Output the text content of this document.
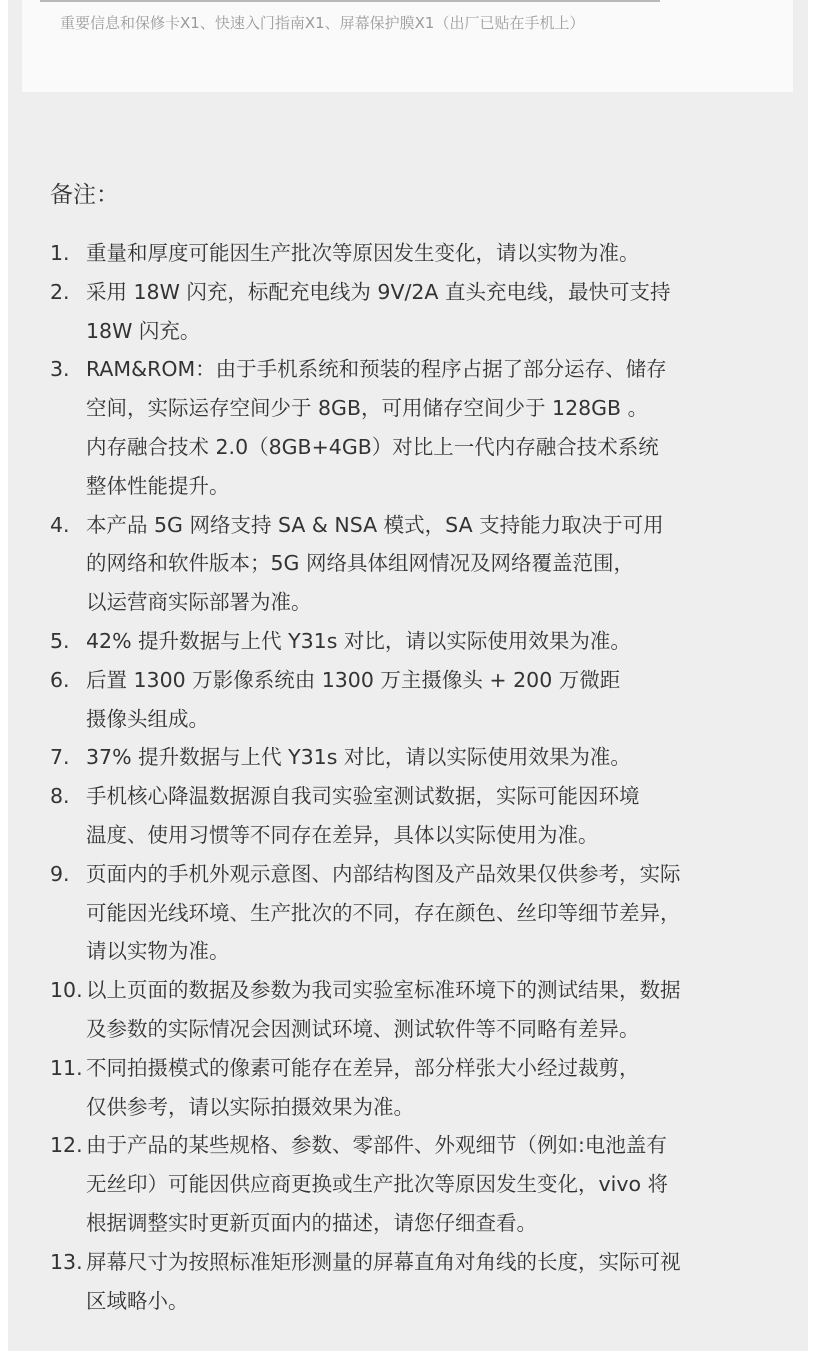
重要信息和保修卡X1、快速入门指南X1、屏幕保护膜X1（出厂已贴在手机上）
备注：
1. 重量和厚度可能因生产批次等原因发生变化，请以实物为准。
2. 采用 18W 闪充，标配充电线为 9V/2A 直头充电线，最快可支持
18W 闪充。
3. RAM&ROM：由于手机系统和预装的程序占据了部分运存、储存
空间，实际运存空间少于 8GB，可用储存空间少于 128GB 。
内存融合技术 2.0（8GB+4GB）对比上一代内存融合技术系统
整体性能提升。
4. 本产品 5G 网络支持 SA & NSA 模式，SA 支持能力取决于可用
的网络和软件版本；5G 网络具体组网情况及网络覆盖范围，
以运营商实际部署为准。
5. 42% 提升数据与上代 Y31s 对比，请以实际使用效果为准。
6. 后置 1300 万影像系统由 1300 万主摄像头 + 200 万微距
摄像头组成。
7. 37% 提升数据与上代 Y31s 对比，请以实际使用效果为准。
8. 手机核心降温数据源自我司实验室测试数据，实际可能因环境
温度、使用习惯等不同存在差异，具体以实际使用为准。
9. 页面内的手机外观示意图、内部结构图及产品效果仅供参考，实际
可能因光线环境、生产批次的不同，存在颜色、丝印等细节差异，
请以实物为准。
10. 以上页面的数据及参数为我司实验室标准环境下的测试结果，数据
及参数的实际情况会因测试环境、测试软件等不同略有差异。
11. 不同拍摄模式的像素可能存在差异，部分样张大小经过裁剪，
仅供参考，请以实际拍摄效果为准。
12. 由于产品的某些规格、参数、零部件、外观细节（例如:电池盖有
无丝印）可能因供应商更换或生产批次等原因发生变化，vivo 将
根据调整实时更新页面内的描述，请您仔细查看。
13. 屏幕尺寸为按照标准矩形测量的屏幕直角对角线的长度，实际可视
区域略小。
